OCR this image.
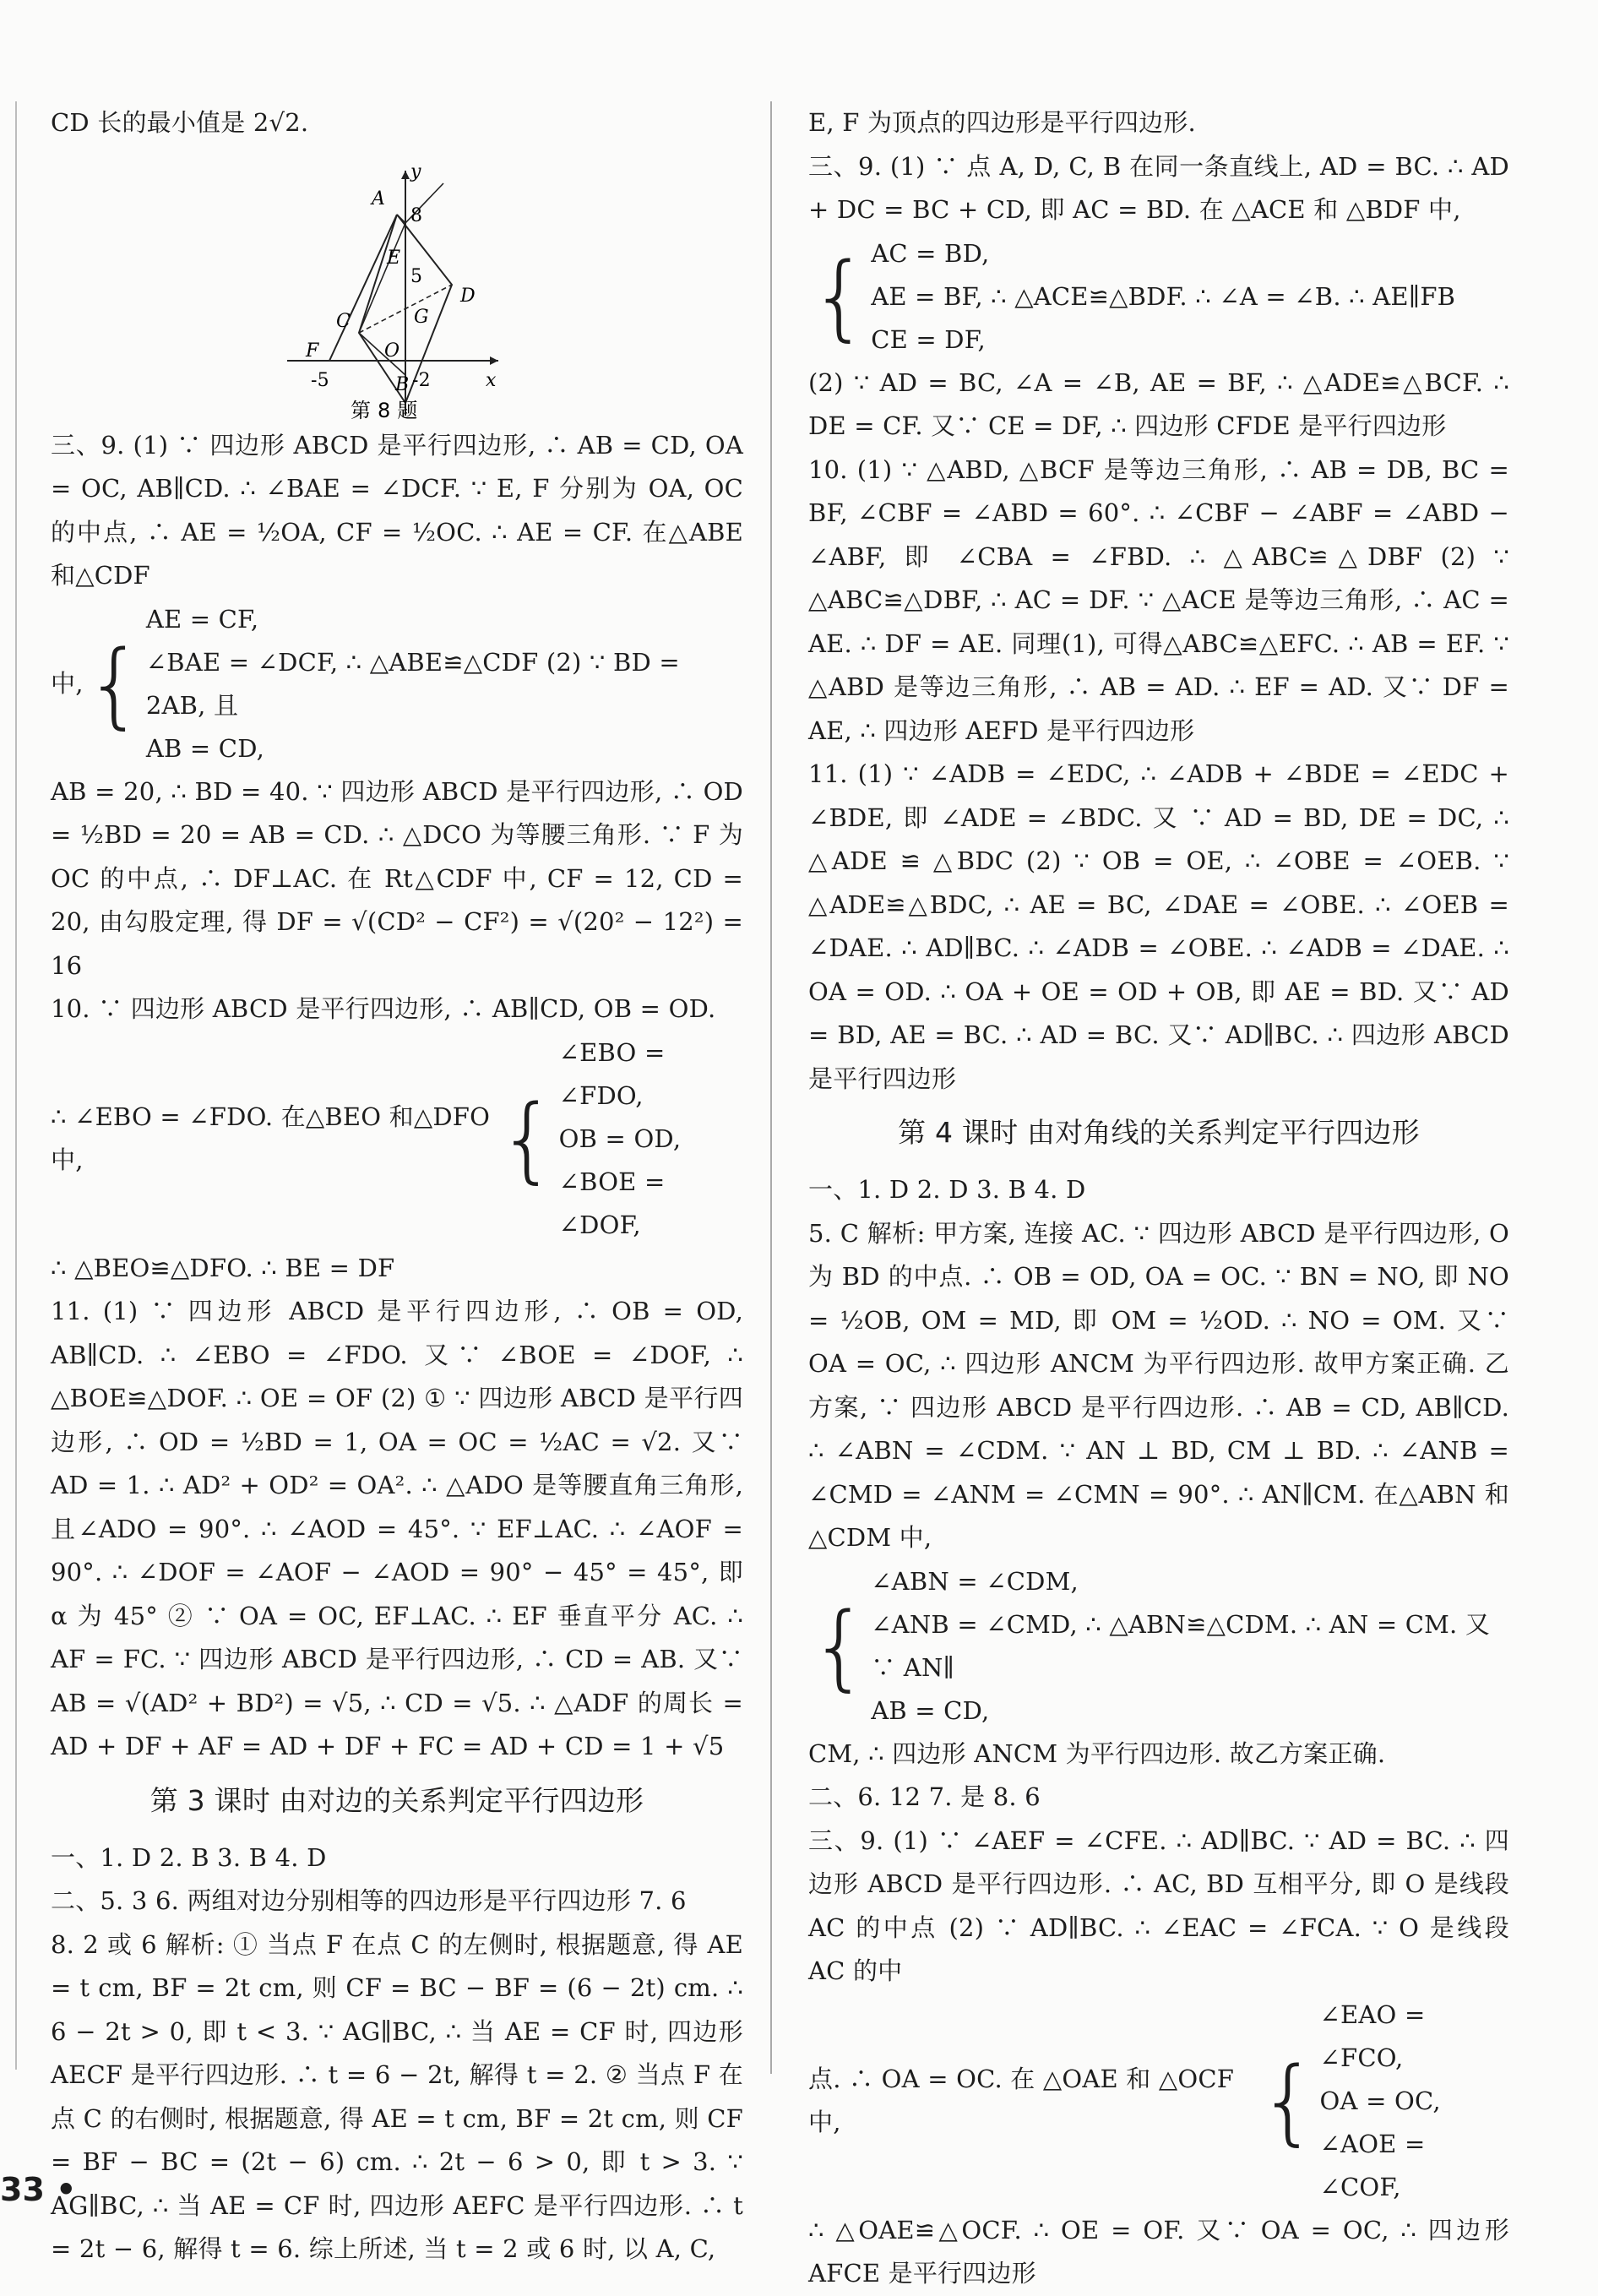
CD 长的最小值是 2√2.

A
y
8
E
5
D
C	G
F	O
B
-5	-2	x
第 8 题

三、9. (1) ∵ 四边形 ABCD 是平行四边形, ∴ AB = CD, OA = OC, AB∥CD. ∴ ∠BAE = ∠DCF. ∵ E, F 分别为 OA, OC 的中点, ∴ AE = ½OA, CF = ½OC. ∴ AE = CF. 在△ABE 和△CDF

中, {
AE = CF,
∠BAE = ∠DCF, ∴ △ABE≌△CDF (2) ∵ BD = 2AB, 且
AB = CD,

AB = 20, ∴ BD = 40. ∵ 四边形 ABCD 是平行四边形, ∴ OD = ½BD = 20 = AB = CD. ∴ △DCO 为等腰三角形. ∵ F 为 OC 的中点, ∴ DF⊥AC. 在 Rt△CDF 中, CF = 12, CD = 20, 由勾股定理, 得 DF = √(CD² − CF²) = √(20² − 12²) = 16

10. ∵ 四边形 ABCD 是平行四边形, ∴ AB∥CD, OB = OD.

∴ ∠EBO = ∠FDO. 在△BEO 和△DFO 中,	{
∠EBO = ∠FDO,
OB = OD,
∠BOE = ∠DOF,

∴ △BEO≌△DFO. ∴ BE = DF

11. (1) ∵ 四边形 ABCD 是平行四边形, ∴ OB = OD, AB∥CD. ∴ ∠EBO = ∠FDO. 又∵ ∠BOE = ∠DOF, ∴ △BOE≌△DOF. ∴ OE = OF (2) ① ∵ 四边形 ABCD 是平行四边形, ∴ OD = ½BD = 1, OA = OC = ½AC = √2. 又∵ AD = 1. ∴ AD² + OD² = OA². ∴ △ADO 是等腰直角三角形, 且∠ADO = 90°. ∴ ∠AOD = 45°. ∵ EF⊥AC. ∴ ∠AOF = 90°. ∴ ∠DOF = ∠AOF − ∠AOD = 90° − 45° = 45°, 即 α 为 45° ② ∵ OA = OC, EF⊥AC. ∴ EF 垂直平分 AC. ∴ AF = FC. ∵ 四边形 ABCD 是平行四边形, ∴ CD = AB. 又∵ AB = √(AD² + BD²) = √5, ∴ CD = √5. ∴ △ADF 的周长 = AD + DF + AF = AD + DF + FC = AD + CD = 1 + √5

第 3 课时 由对边的关系判定平行四边形

一、1. D 2. B 3. B 4. D

二、5. 3 6. 两组对边分别相等的四边形是平行四边形 7. 6

8. 2 或 6 解析: ① 当点 F 在点 C 的左侧时, 根据题意, 得 AE = t cm, BF = 2t cm, 则 CF = BC − BF = (6 − 2t) cm. ∴ 6 − 2t > 0, 即 t < 3. ∵ AG∥BC, ∴ 当 AE = CF 时, 四边形 AECF 是平行四边形. ∴ t = 6 − 2t, 解得 t = 2. ② 当点 F 在点 C 的右侧时, 根据题意, 得 AE = t cm, BF = 2t cm, 则 CF = BF − BC = (2t − 6) cm. ∴ 2t − 6 > 0, 即 t > 3. ∵ AG∥BC, ∴ 当 AE = CF 时, 四边形 AEFC 是平行四边形. ∴ t = 2t − 6, 解得 t = 6. 综上所述, 当 t = 2 或 6 时, 以 A, C,

E, F 为顶点的四边形是平行四边形.

三、9. (1) ∵ 点 A, D, C, B 在同一条直线上, AD = BC. ∴ AD + DC = BC + CD, 即 AC = BD. 在 △ACE 和 △BDF 中,

{ AC = BD,
AE = BF, ∴ △ACE≌△BDF. ∴ ∠A = ∠B. ∴ AE∥FB
CE = DF,

(2) ∵ AD = BC, ∠A = ∠B, AE = BF, ∴ △ADE≌△BCF. ∴ DE = CF. 又∵ CE = DF, ∴ 四边形 CFDE 是平行四边形

10. (1) ∵ △ABD, △BCF 是等边三角形, ∴ AB = DB, BC = BF, ∠CBF = ∠ABD = 60°. ∴ ∠CBF − ∠ABF = ∠ABD − ∠ABF, 即 ∠CBA = ∠FBD. ∴ △ABC≌△DBF (2) ∵ △ABC≌△DBF, ∴ AC = DF. ∵ △ACE 是等边三角形, ∴ AC = AE. ∴ DF = AE. 同理(1), 可得△ABC≌△EFC. ∴ AB = EF. ∵ △ABD 是等边三角形, ∴ AB = AD. ∴ EF = AD. 又∵ DF = AE, ∴ 四边形 AEFD 是平行四边形

11. (1) ∵ ∠ADB = ∠EDC, ∴ ∠ADB + ∠BDE = ∠EDC + ∠BDE, 即 ∠ADE = ∠BDC. 又 ∵ AD = BD, DE = DC, ∴ △ADE ≌ △BDC (2) ∵ OB = OE, ∴ ∠OBE = ∠OEB. ∵ △ADE≌△BDC, ∴ AE = BC, ∠DAE = ∠OBE. ∴ ∠OEB = ∠DAE. ∴ AD∥BC. ∴ ∠ADB = ∠OBE. ∴ ∠ADB = ∠DAE. ∴ OA = OD. ∴ OA + OE = OD + OB, 即 AE = BD. 又∵ AD = BD, AE = BC. ∴ AD = BC. 又∵ AD∥BC. ∴ 四边形 ABCD 是平行四边形

第 4 课时 由对角线的关系判定平行四边形

一、1. D 2. D 3. B 4. D

5. C 解析: 甲方案, 连接 AC. ∵ 四边形 ABCD 是平行四边形, O 为 BD 的中点. ∴ OB = OD, OA = OC. ∵ BN = NO, 即 NO = ½OB, OM = MD, 即 OM = ½OD. ∴ NO = OM. 又∵ OA = OC, ∴ 四边形 ANCM 为平行四边形. 故甲方案正确. 乙方案, ∵ 四边形 ABCD 是平行四边形. ∴ AB = CD, AB∥CD. ∴ ∠ABN = ∠CDM. ∵ AN ⊥ BD, CM ⊥ BD. ∴ ∠ANB = ∠CMD = ∠ANM = ∠CMN = 90°. ∴ AN∥CM. 在△ABN 和△CDM 中,

{
∠ABN = ∠CDM,
∠ANB = ∠CMD, ∴ △ABN≌△CDM. ∴ AN = CM. 又∵ AN∥
AB = CD,

CM, ∴ 四边形 ANCM 为平行四边形. 故乙方案正确.

二、6. 12 7. 是 8. 6

三、9. (1) ∵ ∠AEF = ∠CFE. ∴ AD∥BC. ∵ AD = BC. ∴ 四边形 ABCD 是平行四边形. ∴ AC, BD 互相平分, 即 O 是线段 AC 的中点 (2) ∵ AD∥BC. ∴ ∠EAC = ∠FCA. ∵ O 是线段 AC 的中

点. ∴ OA = OC. 在 △OAE 和 △OCF 中,	{
∠EAO = ∠FCO,
OA = OC,
∠AOE = ∠COF,

∴ △OAE≌△OCF. ∴ OE = OF. 又∵ OA = OC, ∴ 四边形 AFCE 是平行四边形

33 •
